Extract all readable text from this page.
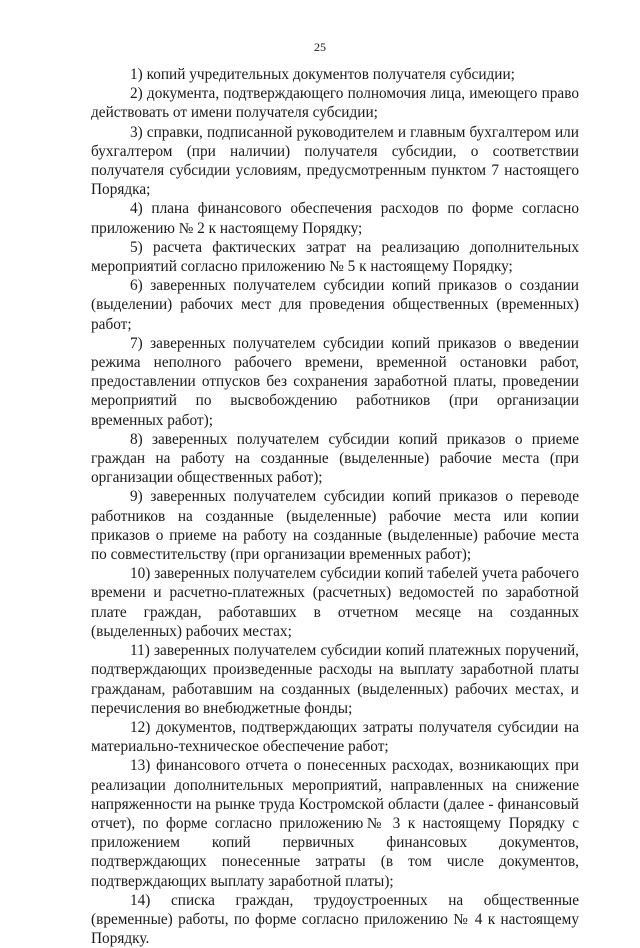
25

1) копий учредительных документов получателя субсидии;

2) документа, подтверждающего полномочия лица, имеющего право действовать от имени получателя субсидии;

3) справки, подписанной руководителем и главным бухгалтером или бухгалтером (при наличии) получателя субсидии, о соответствии получателя субсидии условиям, предусмотренным пунктом 7 настоящего Порядка;

4) плана финансового обеспечения расходов по форме согласно приложению № 2 к настоящему Порядку;

5) расчета фактических затрат на реализацию дополнительных мероприятий согласно приложению № 5 к настоящему Порядку;

6) заверенных получателем субсидии копий приказов о создании (выделении) рабочих мест для проведения общественных (временных) работ;

7) заверенных получателем субсидии копий приказов о введении режима неполного рабочего времени, временной остановки работ, предоставлении отпусков без сохранения заработной платы, проведении мероприятий по высвобождению работников (при организации временных работ);

8) заверенных получателем субсидии копий приказов о приеме граждан на работу на созданные (выделенные) рабочие места (при организации общественных работ);

9) заверенных получателем субсидии копий приказов о переводе работников на созданные (выделенные) рабочие места или копии приказов о приеме на работу на созданные (выделенные) рабочие места по совместительству (при организации временных работ);

10) заверенных получателем субсидии копий табелей учета рабочего времени и расчетно-платежных (расчетных) ведомостей по заработной плате граждан, работавших в отчетном месяце на созданных (выделенных) рабочих местах;

11) заверенных получателем субсидии копий платежных поручений, подтверждающих произведенные расходы на выплату заработной платы гражданам, работавшим на созданных (выделенных) рабочих местах, и перечисления во внебюджетные фонды;

12) документов, подтверждающих затраты получателя субсидии на материально-техническое обеспечение работ;

13) финансового отчета о понесенных расходах, возникающих при реализации дополнительных мероприятий, направленных на снижение напряженности на рынке труда Костромской области (далее - финансовый отчет), по форме согласно приложению№ 3 к настоящему Порядку с приложением копий первичных финансовых документов, подтверждающих понесенные затраты (в том числе документов, подтверждающих выплату заработной платы);

14) списка граждан, трудоустроенных на общественные (временные) работы, по форме согласно приложению № 4 к настоящему Порядку.
